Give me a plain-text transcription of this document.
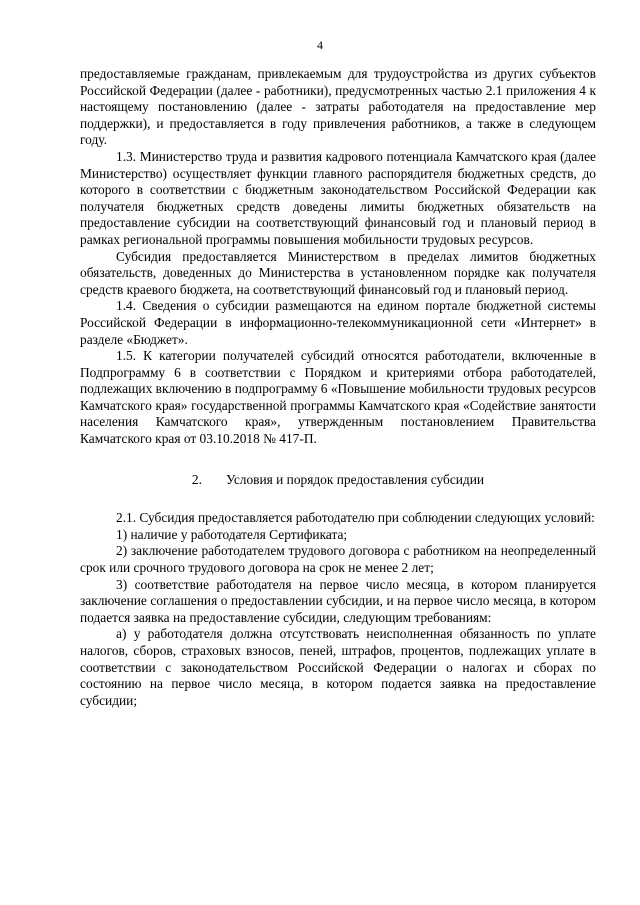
4

предоставляемые гражданам, привлекаемым для трудоустройства из других субъектов Российской Федерации (далее - работники), предусмотренных частью 2.1 приложения 4 к настоящему постановлению (далее - затраты работодателя на предоставление мер поддержки), и предоставляется в году привлечения работников, а также в следующем году.

1.3. Министерство труда и развития кадрового потенциала Камчатского края (далее Министерство) осуществляет функции главного распорядителя бюджетных средств, до которого в соответствии с бюджетным законодательством Российской Федерации как получателя бюджетных средств доведены лимиты бюджетных обязательств на предоставление субсидии на соответствующий финансовый год и плановый период в рамках региональной программы повышения мобильности трудовых ресурсов.

Субсидия предоставляется Министерством в пределах лимитов бюджетных обязательств, доведенных до Министерства в установленном порядке как получателя средств краевого бюджета, на соответствующий финансовый год и плановый период.

1.4. Сведения о субсидии размещаются на едином портале бюджетной системы Российской Федерации в информационно-телекоммуникационной сети «Интернет» в разделе «Бюджет».

1.5. К категории получателей субсидий относятся работодатели, включенные в Подпрограмму 6 в соответствии с Порядком и критериями отбора работодателей, подлежащих включению в подпрограмму 6 «Повышение мобильности трудовых ресурсов Камчатского края» государственной программы Камчатского края «Содействие занятости населения Камчатского края», утвержденным постановлением Правительства Камчатского края от 03.10.2018 № 417-П.

2. Условия и порядок предоставления субсидии

2.1. Субсидия предоставляется работодателю при соблюдении следующих условий:

1) наличие у работодателя Сертификата;

2) заключение работодателем трудового договора с работником на неопределенный срок или срочного трудового договора на срок не менее 2 лет;

3) соответствие работодателя на первое число месяца, в котором планируется заключение соглашения о предоставлении субсидии, и на первое число месяца, в котором подается заявка на предоставление субсидии, следующим требованиям:

а) у работодателя должна отсутствовать неисполненная обязанность по уплате налогов, сборов, страховых взносов, пеней, штрафов, процентов, подлежащих уплате в соответствии с законодательством Российской Федерации о налогах и сборах по состоянию на первое число месяца, в котором подается заявка на предоставление субсидии;
